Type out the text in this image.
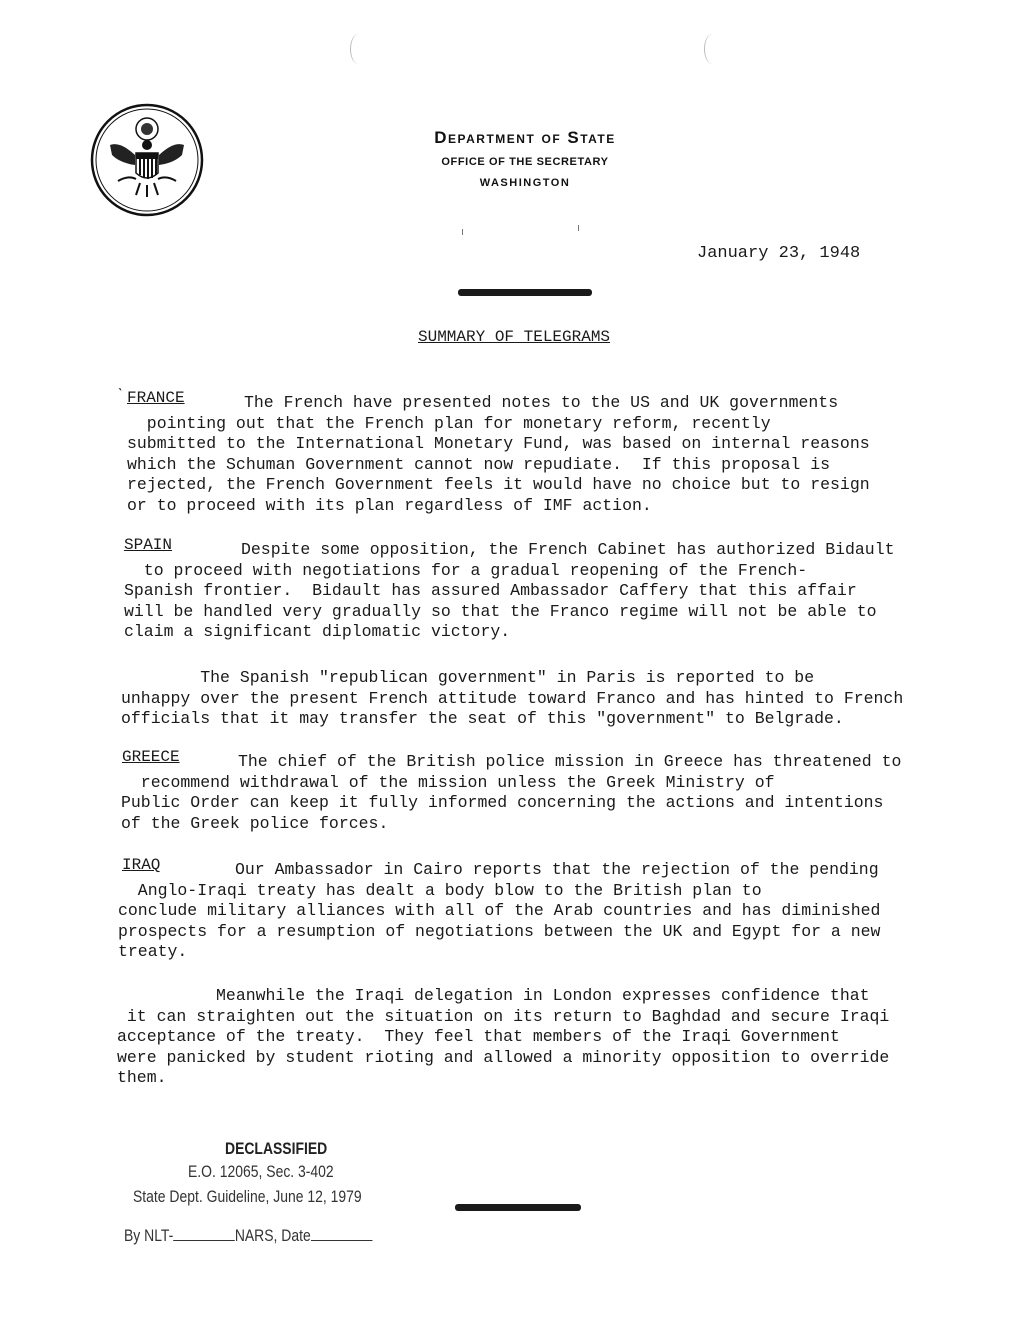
Department of State
OFFICE OF THE SECRETARY
WASHINGTON
January 23, 1948
SUMMARY OF TELEGRAMS
ˋ FRANCE	The French have presented notes to the US and UK governments
pointing out that the French plan for monetary reform, recently
submitted to the International Monetary Fund, was based on internal reasons
which the Schuman Government cannot now repudiate.  If this proposal is
rejected, the French Government feels it would have no choice but to resign
or to proceed with its plan regardless of IMF action.
SPAIN	Despite some opposition, the French Cabinet has authorized Bidault
to proceed with negotiations for a gradual reopening of the French-
Spanish frontier.  Bidault has assured Ambassador Caffery that this affair
will be handled very gradually so that the Franco regime will not be able to
claim a significant diplomatic victory.
The Spanish "republican government" in Paris is reported to be
unhappy over the present French attitude toward Franco and has hinted to French
officials that it may transfer the seat of this "government" to Belgrade.
GREECE	The chief of the British police mission in Greece has threatened to
recommend withdrawal of the mission unless the Greek Ministry of
Public Order can keep it fully informed concerning the actions and intentions
of the Greek police forces.
IRAQ	Our Ambassador in Cairo reports that the rejection of the pending
Anglo-Iraqi treaty has dealt a body blow to the British plan to
conclude military alliances with all of the Arab countries and has diminished
prospects for a resumption of negotiations between the UK and Egypt for a new
treaty.
Meanwhile the Iraqi delegation in London expresses confidence that
it can straighten out the situation on its return to Baghdad and secure Iraqi
acceptance of the treaty.  They feel that members of the Iraqi Government
were panicked by student rioting and allowed a minority opposition to override
them.
DECLASSIFIED
E.O. 12065, Sec. 3-402
State Dept. Guideline, June 12, 1979
By NLT-	NARS, Date
